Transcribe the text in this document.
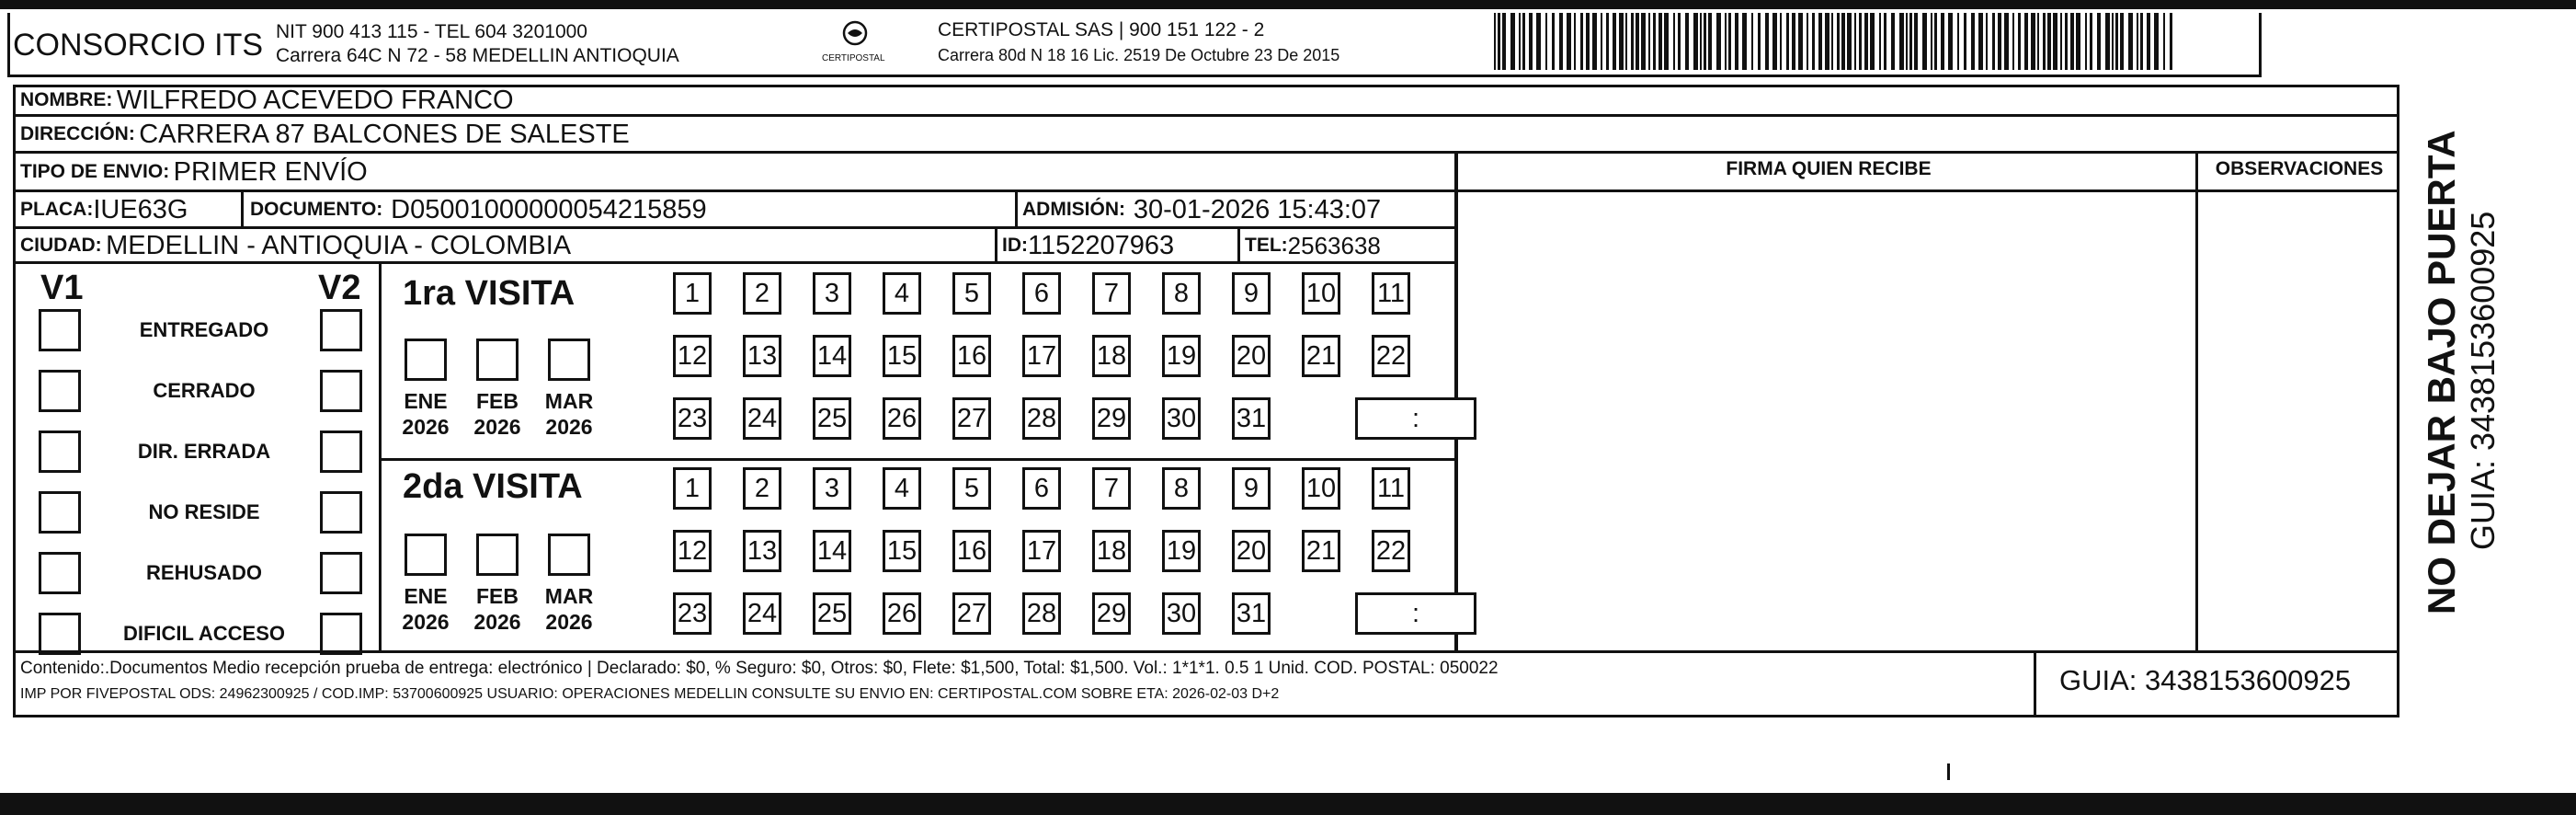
CONSORCIO ITS NIT 900 413 115 - TEL 604 3201000
Carrera 64C N 72 - 58 MEDELLIN ANTIOQUIA	CERTIPOSTAL
CERTIPOSTAL SAS | 900 151 122 - 2
Carrera 80d N 18 16 Lic. 2519 De Octubre 23 De 2015
NOMBRE:
WILFREDO ACEVEDO FRANCO
DIRECCIÓN:
CARRERA 87 BALCONES DE SALESTE
TIPO DE ENVIO:
PRIMER ENVÍO	FIRMA QUIEN RECIBE	OBSERVACIONES
PLACA: IUE63G	DOCUMENTO:
D05001000000054215859	ADMISIÓN:
30-01-2026 15:43:07
CIUDAD:
MEDELLIN - ANTIOQUIA - COLOMBIA	ID: 1152207963	TEL: 2563638
V1	V2
ENTREGADO
CERRADO
DIR. ERRADA
NO RESIDE
REHUSADO
DIFICIL ACCESO
1ra VISITA
2da VISITA
ENE
2026
FEB
2026
MAR
2026
1	2	3	4	5	6	7	8	9	10 11
12 13 14 15 16 17 18 19 20 21 22
23 24 25 26 27 28 29 30 31	:
ENE
2026
FEB
2026
MAR
2026
1	2	3	4	5	6	7	8	9	10 11
12 13 14 15 16 17 18 19 20 21 22
23 24 25 26 27 28 29 30 31	:
Contenido:.Documentos Medio recepción prueba de entrega: electrónico | Declarado: $0, % Seguro: $0, Otros: $0, Flete: $1,500, Total: $1,500. Vol.: 1*1*1. 0.5 1 Unid. COD. POSTAL: 050022
IMP POR FIVEPOSTAL ODS: 24962300925 / COD.IMP: 53700600925 USUARIO: OPERACIONES MEDELLIN CONSULTE SU ENVIO EN: CERTIPOSTAL.COM SOBRE ETA: 2026-02-03 D+2	GUIA: 3438153600925
NO DEJAR BAJO PUERTA GUIA: 3438153600925
